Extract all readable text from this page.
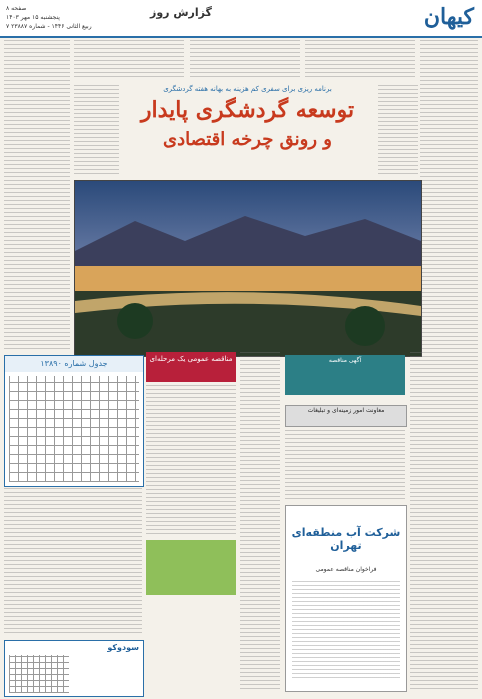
کیهان
گزارش روز
صفحه ۸
پنجشنبه ۱۵ مهر ۱۴۰۳
۷ ربیع الثانی ۱۴۴۶ - شماره ۲۳۸۸۷
برنامه ریزی برای سفری کم هزینه به بهانه هفته گردشگری
توسعه گردشگری پایدار
و رونق چرخه اقتصادی
جدول شماره ۱۳۸۹۰	مناقصه عمومی یک مرحله‌ای	آگهی مناقصه
معاونت امور زمینه‌ای و تبلیغات
شرکت آب منطقه‌ای تهران
فراخوان مناقصه عمومی
سودوکو
